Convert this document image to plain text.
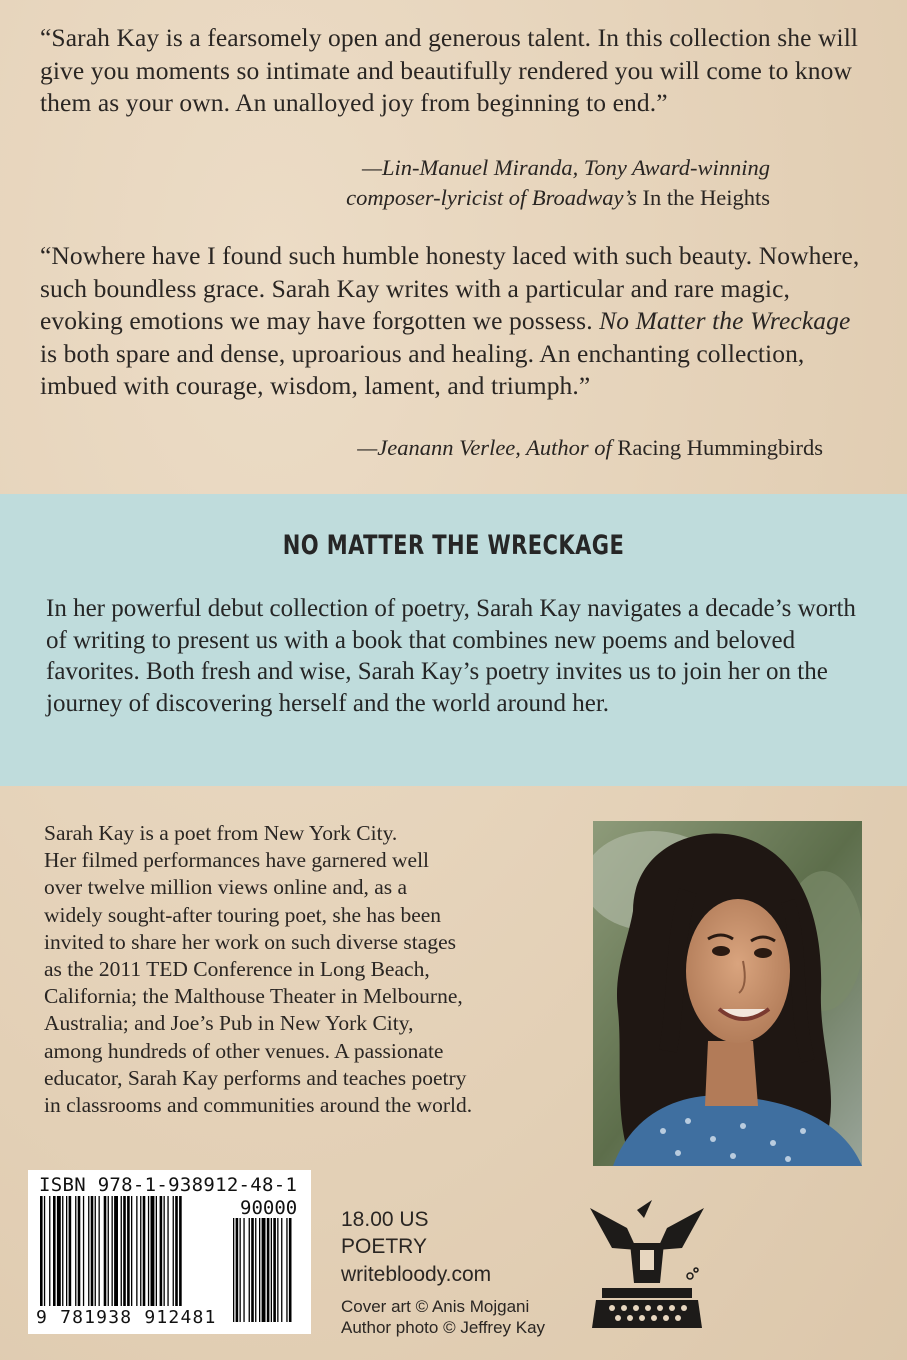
“Sarah Kay is a fearsomely open and generous talent. In this collection she will give you moments so intimate and beautifully rendered you will come to know them as your own. An unalloyed joy from beginning to end.”

—Lin-Manuel Miranda, Tony Award-winning
composer-lyricist of Broadway’s In the Heights

“Nowhere have I found such humble honesty laced with such beauty. Nowhere, such boundless grace. Sarah Kay writes with a particular and rare magic, evoking emotions we may have forgotten we possess. No Matter the Wreckage is both spare and dense, uproarious and healing. An enchanting collection, imbued with courage, wisdom, lament, and triumph.”

—Jeanann Verlee, Author of Racing Hummingbirds
NO MATTER THE WRECKAGE
In her powerful debut collection of poetry, Sarah Kay navigates a decade’s worth of writing to present us with a book that combines new poems and beloved favorites. Both fresh and wise, Sarah Kay’s poetry invites us to join her on the journey of discovering herself and the world around her.
Sarah Kay is a poet from New York City.
Her filmed performances have garnered well
over twelve million views online and, as a
widely sought-after touring poet, she has been
invited to share her work on such diverse stages
as the 2011 TED Conference in Long Beach,
California; the Malthouse Theater in Melbourne,
Australia; and Joe’s Pub in New York City,
among hundreds of other venues. A passionate
educator, Sarah Kay performs and teaches poetry
in classrooms and communities around the world.
ISBN 978-1-938912-48-1
90000
9 781938 912481
18.00 US
POETRY
writebloody.com
Cover art © Anis Mojgani
Author photo © Jeffrey Kay
